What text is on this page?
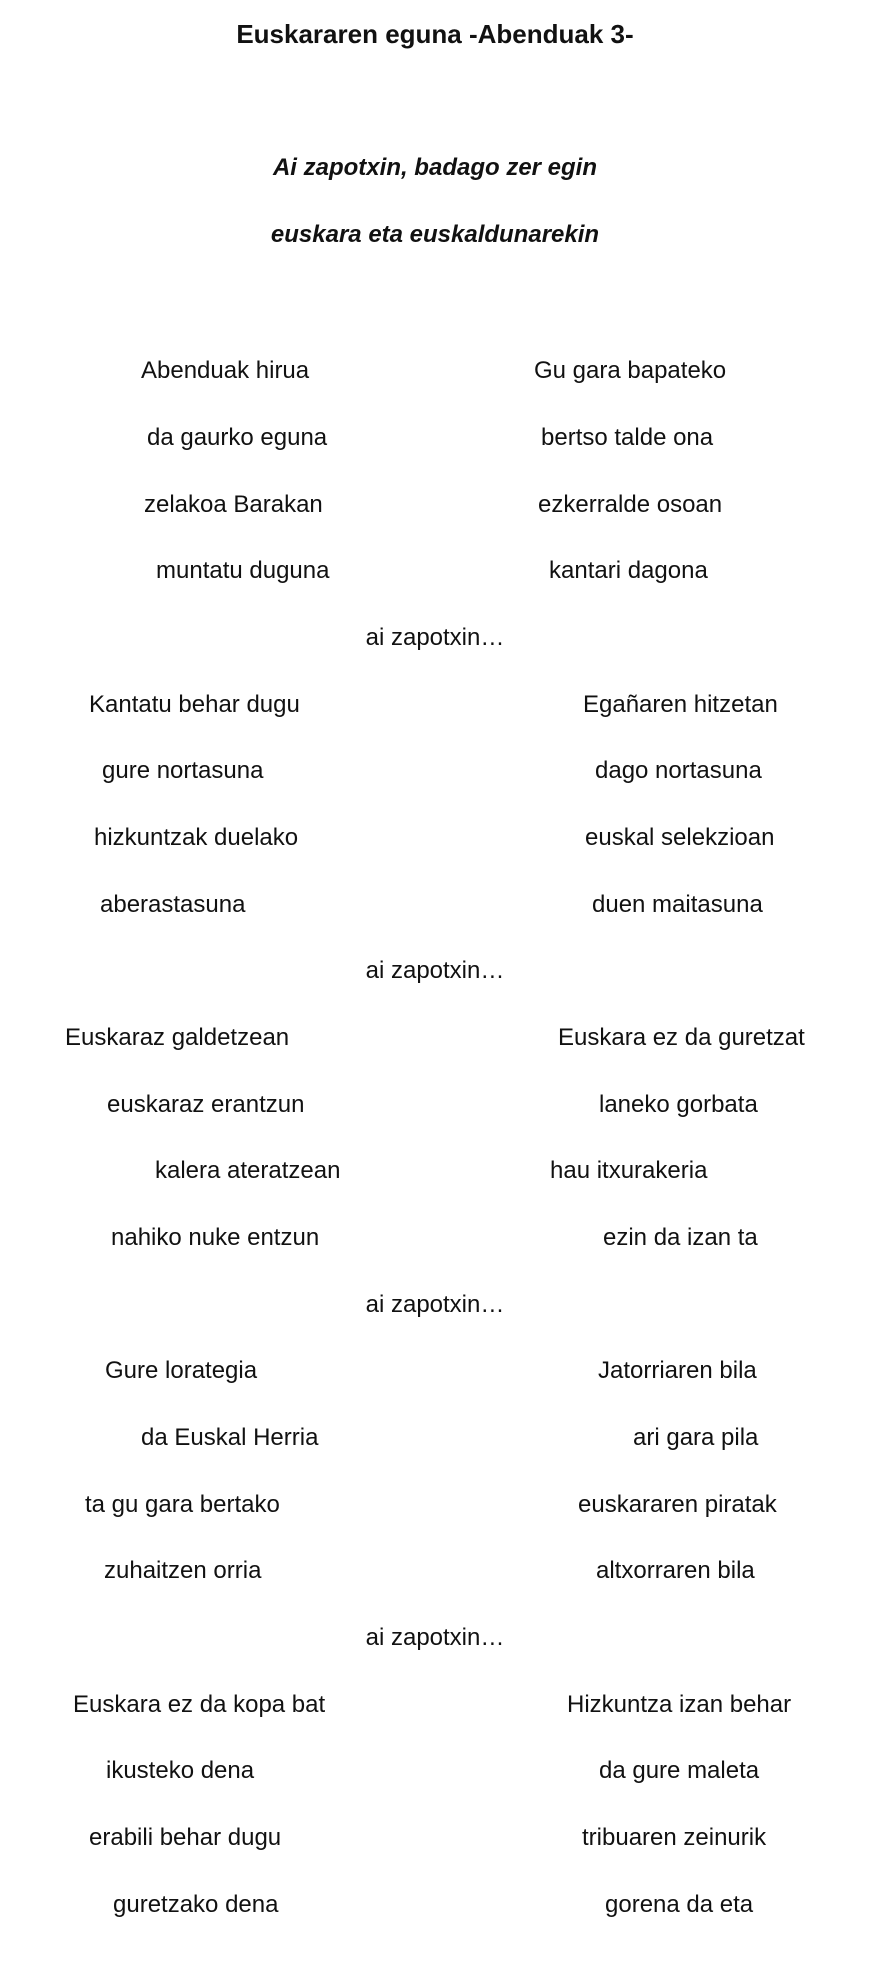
Euskararen eguna -Abenduak 3-
Ai zapotxin, badago zer egin
euskara eta euskaldunarekin
Abenduak hirua
da gaurko eguna
zelakoa Barakan
muntatu duguna
Gu gara bapateko
bertso talde ona
ezkerralde osoan
kantari dagona
ai zapotxin…
Kantatu behar dugu
gure nortasuna
hizkuntzak duelako
aberastasuna
Egañaren hitzetan
dago nortasuna
euskal selekzioan
duen maitasuna
ai zapotxin…
Euskaraz galdetzean
euskaraz erantzun
kalera ateratzean
nahiko nuke entzun
Euskara ez da guretzat
laneko gorbata
hau itxurakeria
ezin da izan ta
ai zapotxin…
Gure lorategia
da Euskal Herria
ta gu gara bertako
zuhaitzen orria
Jatorriaren bila
ari gara pila
euskararen piratak
altxorraren bila
ai zapotxin…
Euskara ez da kopa bat
ikusteko dena
erabili behar dugu
guretzako dena
Hizkuntza izan behar
da gure maleta
tribuaren zeinurik
gorena da eta
